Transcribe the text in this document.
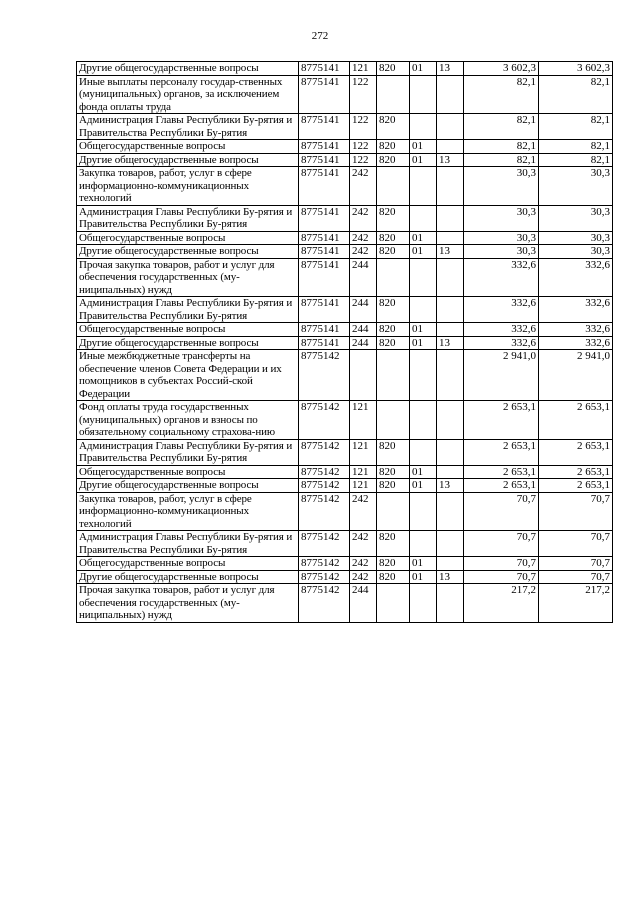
272
Другие общегосударственные вопросы	8775141	121	820	01	13	3 602,3	3 602,3
Иные выплаты персоналу государ-ственных (муниципальных) органов, за исключением фонда оплаты труда	8775141	122				82,1	82,1
Администрация Главы Республики Бу-рятия и Правительства Республики Бу-рятия	8775141	122	820			82,1	82,1
Общегосударственные вопросы	8775141	122	820	01		82,1	82,1
Другие общегосударственные вопросы	8775141	122	820	01	13	82,1	82,1
Закупка товаров, работ, услуг в сфере информационно-коммуникационных технологий	8775141	242				30,3	30,3
Администрация Главы Республики Бу-рятия и Правительства Республики Бу-рятия	8775141	242	820			30,3	30,3
Общегосударственные вопросы	8775141	242	820	01		30,3	30,3
Другие общегосударственные вопросы	8775141	242	820	01	13	30,3	30,3
Прочая закупка товаров, работ и услуг для обеспечения государственных (му-ниципальных) нужд	8775141	244				332,6	332,6
Администрация Главы Республики Бу-рятия и Правительства Республики Бу-рятия	8775141	244	820			332,6	332,6
Общегосударственные вопросы	8775141	244	820	01		332,6	332,6
Другие общегосударственные вопросы	8775141	244	820	01	13	332,6	332,6
Иные межбюджетные трансферты на обеспечение членов Совета Федерации и их помощников в субъектах Россий-ской Федерации	8775142					2 941,0	2 941,0
Фонд оплаты труда государственных (муниципальных) органов и взносы по обязательному социальному страхова-нию	8775142	121				2 653,1	2 653,1
Администрация Главы Республики Бу-рятия и Правительства Республики Бу-рятия	8775142	121	820			2 653,1	2 653,1
Общегосударственные вопросы	8775142	121	820	01		2 653,1	2 653,1
Другие общегосударственные вопросы	8775142	121	820	01	13	2 653,1	2 653,1
Закупка товаров, работ, услуг в сфере информационно-коммуникационных технологий	8775142	242				70,7	70,7
Администрация Главы Республики Бу-рятия и Правительства Республики Бу-рятия	8775142	242	820			70,7	70,7
Общегосударственные вопросы	8775142	242	820	01		70,7	70,7
Другие общегосударственные вопросы	8775142	242	820	01	13	70,7	70,7
Прочая закупка товаров, работ и услуг для обеспечения государственных (му-ниципальных) нужд	8775142	244				217,2	217,2
